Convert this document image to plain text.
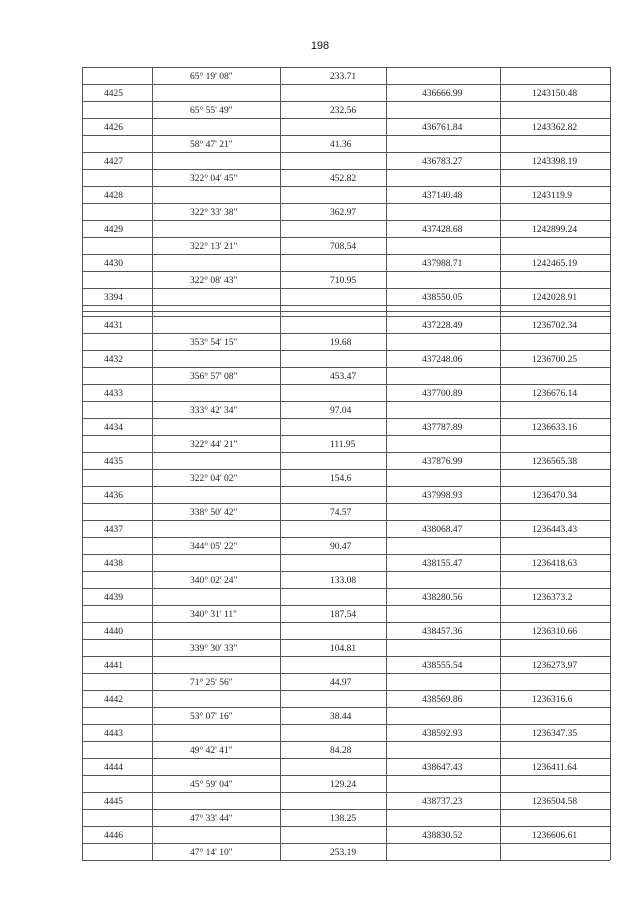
198
65° 19' 08"	233.71
4425	436666.99	1243150.48
65° 55' 49"	232.56
4426	436761.84	1243362.82
58° 47' 21"	41.36
4427	436783.27	1243398.19
322° 04' 45"	452.82
4428	437140.48	1243119.9
322° 33' 38"	362.97
4429	437428.68	1242899.24
322° 13' 21"	708.54
4430	437988.71	1242465.19
322° 08' 43"	710.95
3394	438550.05	1242028.91
4431	437228.49	1236702.34
353° 54' 15"	19.68
4432	437248.06	1236700.25
356° 57' 08"	453.47
4433	437700.89	1236676.14
333° 42' 34"	97.04
4434	437787.89	1236633.16
322° 44' 21"	111.95
4435	437876.99	1236565.38
322° 04' 02"	154.6
4436	437998.93	1236470.34
338° 50' 42"	74.57
4437	438068.47	1236443.43
344° 05' 22"	90.47
4438	438155.47	1236418.63
340° 02' 24"	133.08
4439	438280.56	1236373.2
340° 31' 11"	187.54
4440	438457.36	1236310.66
339° 30' 33"	104.81
4441	438555.54	1236273.97
71° 25' 56"	44.97
4442	438569.86	1236316.6
53° 07' 16"	38.44
4443	438592.93	1236347.35
49° 42' 41"	84.28
4444	438647.43	1236411.64
45° 59' 04"	129.24
4445	438737.23	1236504.58
47° 33' 44"	138.25
4446	438830.52	1236606.61
47° 14' 10"	253.19
